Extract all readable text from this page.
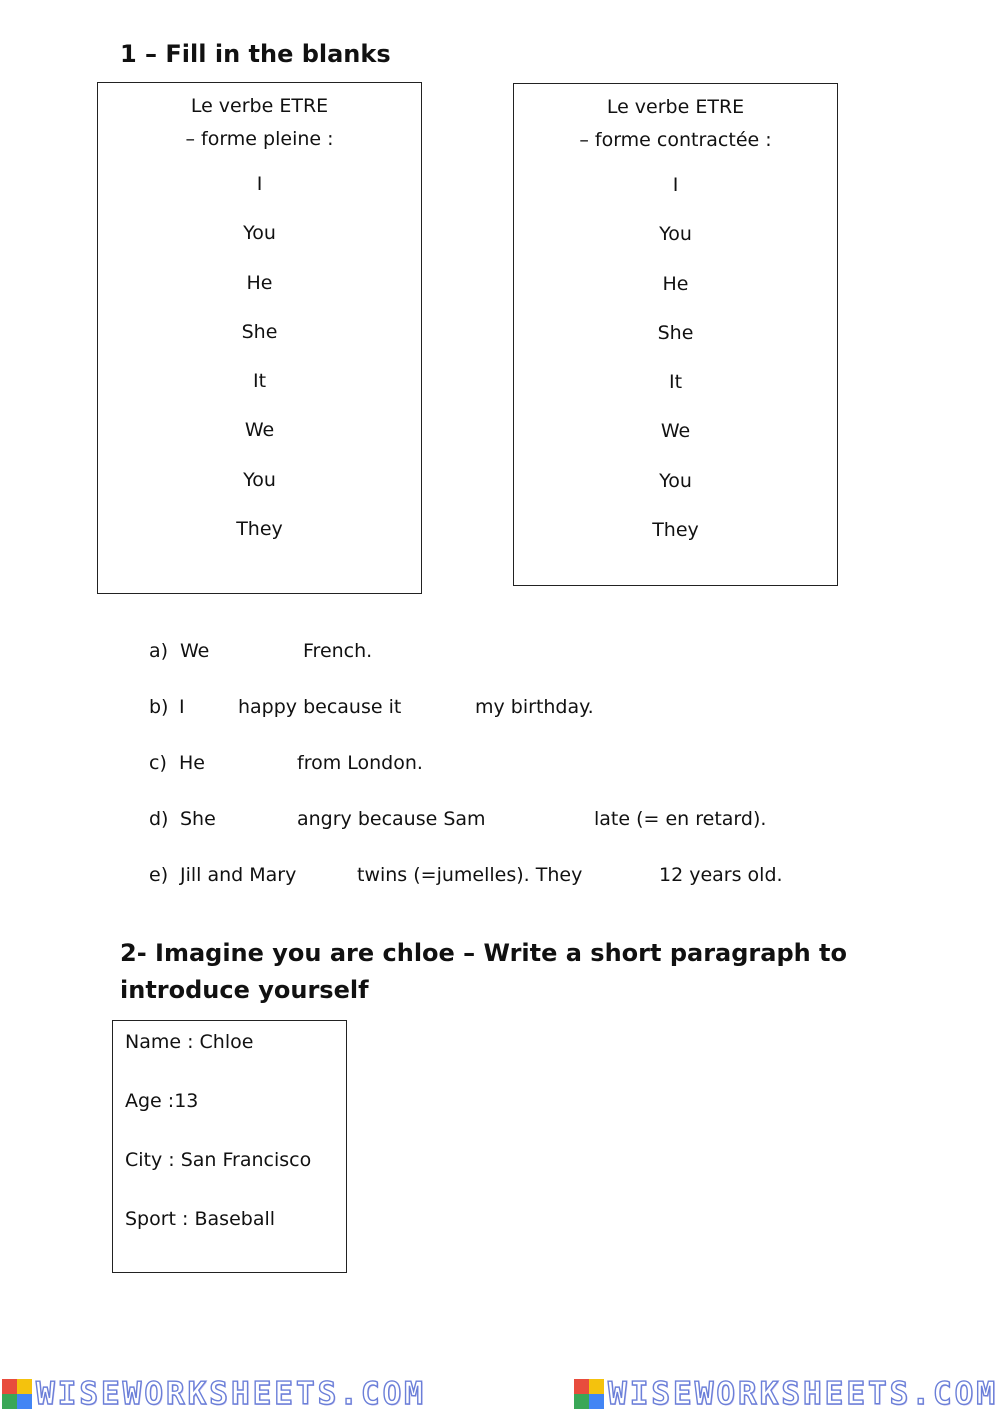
1 – Fill in the blanks
Le verbe ETRE
– forme pleine :
I
You
He
She
It
We
You
They
Le verbe ETRE
– forme contractée :
I
You
He
She
It
We
You
They
a) We	French.
b) I	happy because it	my birthday.
c) He	from London.
d) She	angry because Sam	late (= en retard).
e) Jill and Mary	twins (=jumelles). They	12 years old.
2- Imagine you are chloe – Write a short paragraph to introduce yourself
Name : Chloe
Age :13
City : San Francisco
Sport : Baseball
WISEWORKSHEETS.COM	WISEWORKSHEETS.COM
